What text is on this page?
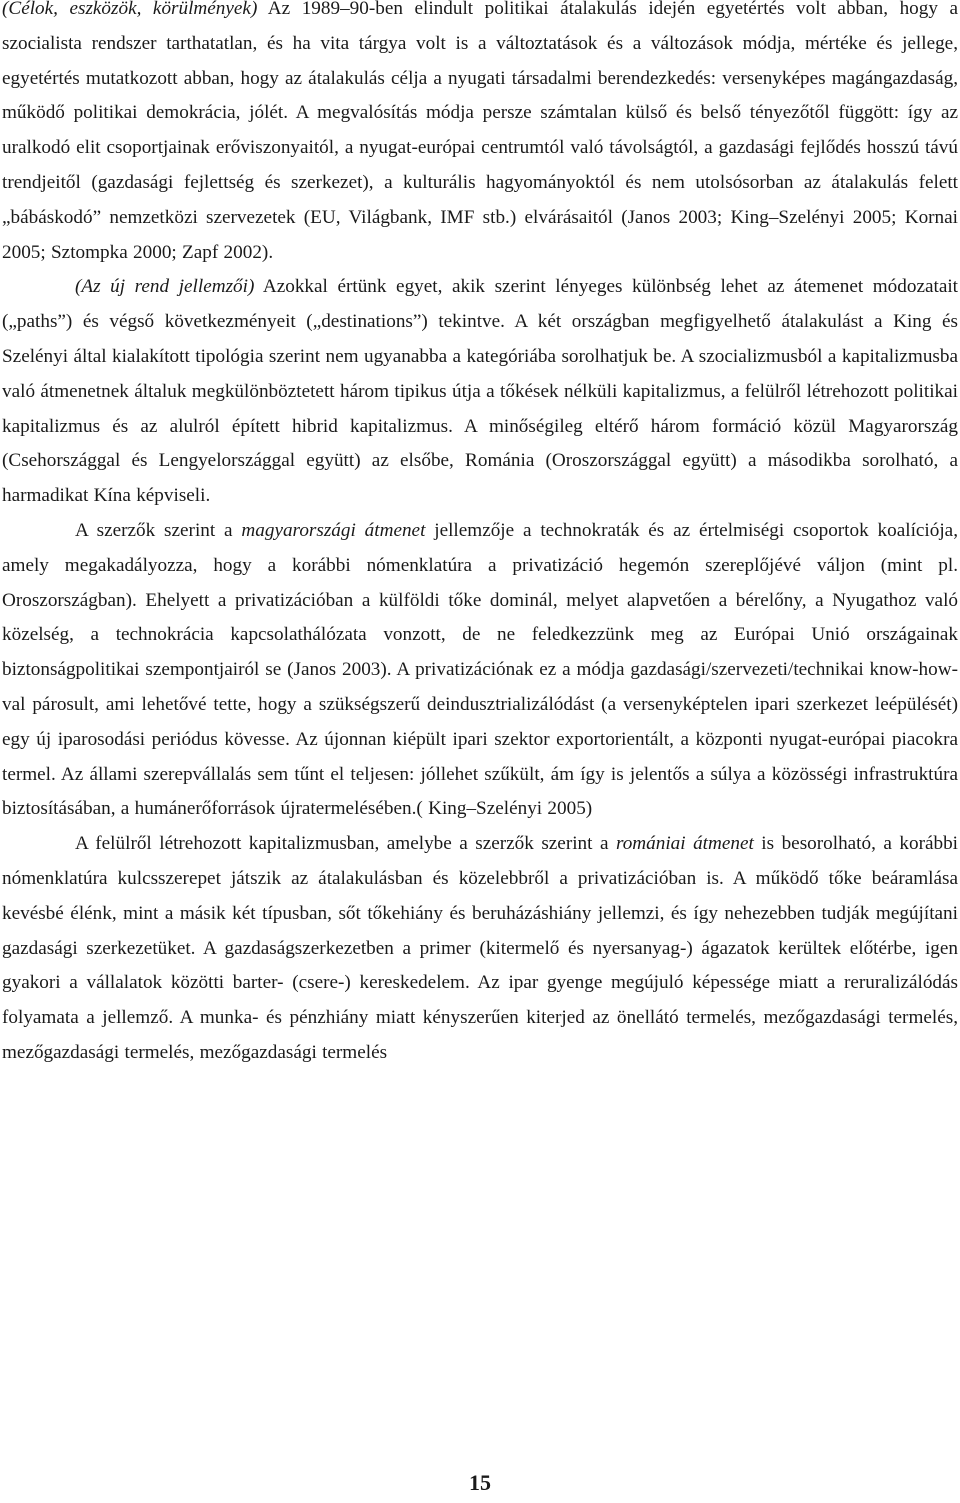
(Célok, eszközök, körülmények) Az 1989–90-ben elindult politikai átalakulás idején egyetértés volt abban, hogy a szocialista rendszer tarthatatlan, és ha vita tárgya volt is a változtatások és a változások módja, mértéke és jellege, egyetértés mutatkozott abban, hogy az átalakulás célja a nyugati társadalmi berendezkedés: versenyképes magángazdaság, működő politikai demokrácia, jólét. A megvalósítás módja persze számtalan külső és belső tényezőtől függött: így az uralkodó elit csoportjainak erőviszonyaitól, a nyugat-európai centrumtól való távolságtól, a gazdasági fejlődés hosszú távú trendjeitől (gazdasági fejlettség és szerkezet), a kulturális hagyományoktól és nem utolsósorban az átalakulás felett „bábáskodó” nemzetközi szervezetek (EU, Világbank, IMF stb.) elvárásaitól (Janos 2003; King–Szelényi 2005; Kornai 2005; Sztompka 2000; Zapf 2002).

(Az új rend jellemzői) Azokkal értünk egyet, akik szerint lényeges különbség lehet az átemenet módozatait („paths”) és végső következményeit („destinations”) tekintve. A két országban megfigyelhető átalakulást a King és Szelényi által kialakított tipológia szerint nem ugyanabba a kategóriába sorolhatjuk be. A szocializmusból a kapitalizmusba való átmenetnek általuk megkülönböztetett három tipikus útja a tőkések nélküli kapitalizmus, a felülről létrehozott politikai kapitalizmus és az alulról épített hibrid kapitalizmus. A minőségileg eltérő három formáció közül Magyarország (Csehországgal és Lengyelországgal együtt) az elsőbe, Románia (Oroszországgal együtt) a másodikba sorolható, a harmadikat Kína képviseli.

A szerzők szerint a magyarországi átmenet jellemzője a technokraták és az értelmiségi csoportok koalíciója, amely megakadályozza, hogy a korábbi nómenklatúra a privatizáció hegemón szereplőjévé váljon (mint pl. Oroszországban). Ehelyett a privatizációban a külföldi tőke dominál, melyet alapvetően a bérelőny, a Nyugathoz való közelség, a technokrácia kapcsolathálózata vonzott, de ne feledkezzünk meg az Európai Unió országainak biztonságpolitikai szempontjairól se (Janos 2003). A privatizációnak ez a módja gazdasági/szervezeti/technikai know-how-val párosult, ami lehetővé tette, hogy a szükségszerű deindusztrializálódást (a versenyképtelen ipari szerkezet leépülését) egy új iparosodási periódus kövesse. Az újonnan kiépült ipari szektor exportorientált, a központi nyugat-európai piacokra termel. Az állami szerepvállalás sem tűnt el teljesen: jóllehet szűkült, ám így is jelentős a súlya a közösségi infrastruktúra biztosításában, a humánerőforrások újratermelésében.( King–Szelényi 2005)

A felülről létrehozott kapitalizmusban, amelybe a szerzők szerint a romániai átmenet is besorolható, a korábbi nómenklatúra kulcsszerepet játszik az átalakulásban és közelebbről a privatizációban is. A működő tőke beáramlása kevésbé élénk, mint a másik két típusban, sőt tőkehiány és beruházáshiány jellemzi, és így nehezebben tudják megújítani gazdasági szerkezetüket. A gazdaságszerkezetben a primer (kitermelő és nyersanyag-) ágazatok kerültek előtérbe, igen gyakori a vállalatok közötti barter- (csere-) kereskedelem. Az ipar gyenge megújuló képessége miatt a reruralizálódás folyamata a jellemző. A munka- és pénzhiány miatt kényszerűen kiterjed az önellátó termelés, mezőgazdasági termelés, mezőgazdasági termelés, mezőgazdasági termelés

15
